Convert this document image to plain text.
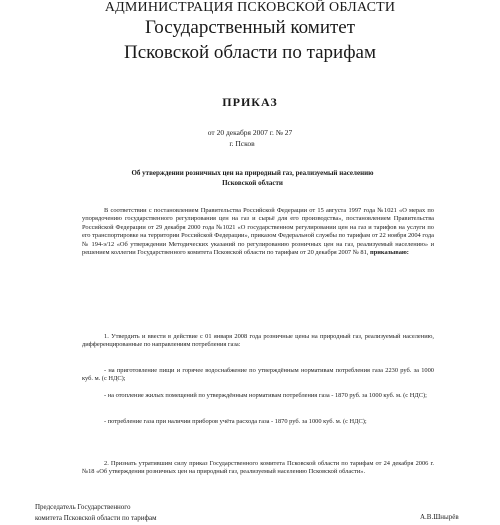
АДМИНИСТРАЦИЯ ПСКОВСКОЙ ОБЛАСТИ
Государственный комитет
Псковской области по тарифам
ПРИКАЗ
от 20 декабря 2007 г. № 27
г. Псков
Об утверждении розничных цен на природный газ, реализуемый населению Псковской области
В соответствии с постановлением Правительства Российской Федерации от 15 августа 1997 года №1021 «О мерах по упорядочению государственного регулирования цен на газ и сырьё для его производства», постановлением Правительства Российской Федерации от 29 декабря 2000 года №1021 «О государственном регулировании цен на газ и тарифов на услуги по его транспортировке на территории Российской Федерации», приказом Федеральной службы по тарифам от 22 ноября 2004 года № 194-э/12 «Об утверждении Методических указаний по регулированию розничных цен на газ, реализуемый населению» и решением коллегии Государственного комитета Псковской области по тарифам от 20 декабря 2007 № 81, приказываю:
1. Утвердить и ввести в действие с 01 января 2008 года розничные цены на природный газ, реализуемый населению, дифференцированные по направлениям потребления газа:
- на приготовление пищи и горячее водоснабжение по утверждённым нормативам потребления газа 2230 руб. за 1000 куб. м. (с НДС);
- на отопление жилых помещений по утверждённым нормативам потребления газа - 1870 руб. за 1000 куб. м. (с НДС);
- потребление газа при наличии приборов учёта расхода газа - 1870 руб. за 1000 куб. м. (с НДС);
2. Признать утратившим силу приказ Государственного комитета Псковской области по тарифам от 24 декабря 2006 г. №18 «Об утверждении розничных цен на природный газ, реализуемый населению Псковской области».
Председатель Государственного
комитета Псковской области по тарифам	А.В.Шнырёв
